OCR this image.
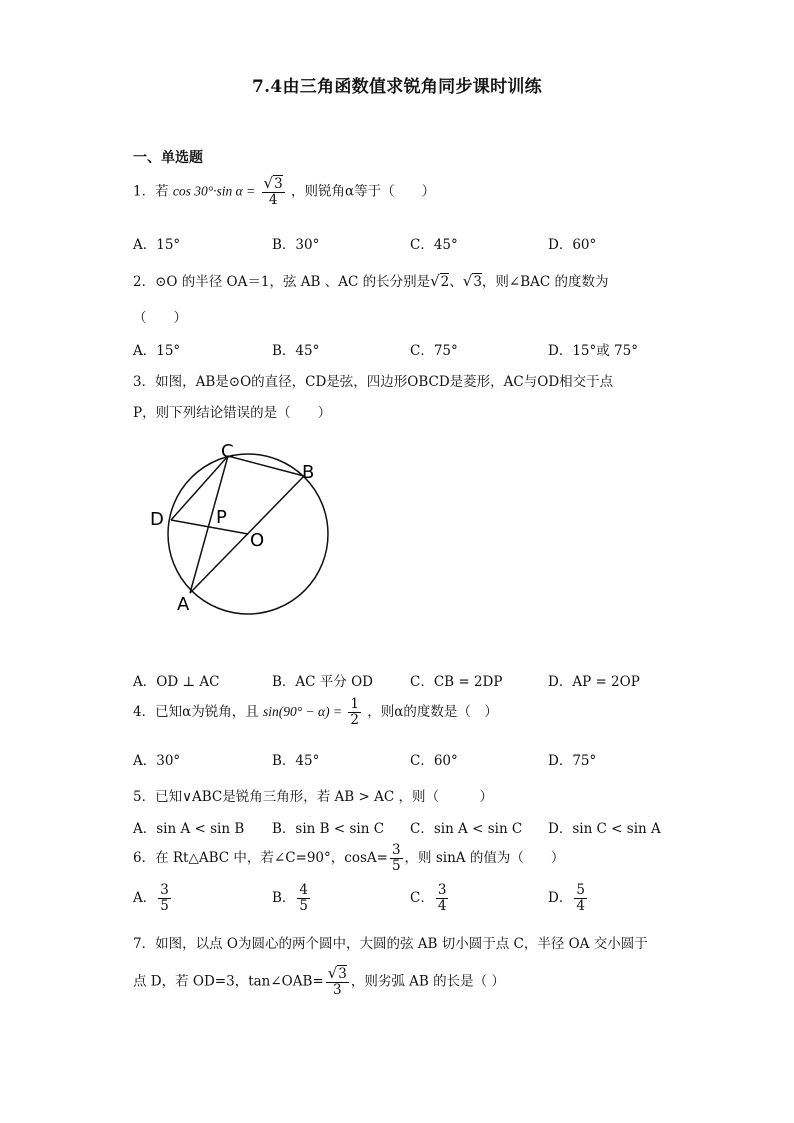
7.4由三角函数值求锐角同步课时训练
一、单选题
1．若 cos 30°·sin $\alpha = \frac{√3}{4}$ ，则锐角α等于（　　）
A．15°	B．30°	C．45°	D．60°
2．⊙O 的半径 OA＝1，弦 AB 、AC 的长分别是√2、√3，则∠BAC 的度数为
（　　）
A．15°	B．45°	C．75°	D．15°或 75°
3．如图，AB是⊙O的直径，CD是弦，四边形OBCD是菱形，AC与OD相交于点
P，则下列结论错误的是（　　）
C
B
D	P
O
A
A．OD ⊥ AC	B．AC 平分 OD	C．CB = 2DP	D．AP = 2OP
4．已知α为锐角，且 $\sin(90^\circ - \alpha) = \frac{1}{2}$ ，则α的度数是（　）
A．30°	B．45°	C．60°	D．75°
5．已知∨ABC是锐角三角形，若 AB > AC ，则（　　　）
A．sin A < sin B B．sin B < sin C C．sin A < sin C D．sin C < sin A
6．在 Rt△ABC 中，若∠C=90°，$\cos A= \frac{3}{5}$ ，则 sinA 的值为（　　）
A． $\frac{3}{5}$	B． $\frac{4}{5}$	C． $\frac{3}{4}$	D． $\frac{5}{4}$
7．如图，以点 O为圆心的两个圆中，大圆的弦 AB 切小圆于点 C，半径 OA 交小圆于
点 D，若 OD=3，tan∠OAB= $\frac{√3}{3}$ ，则劣弧 AB 的长是（ ）
